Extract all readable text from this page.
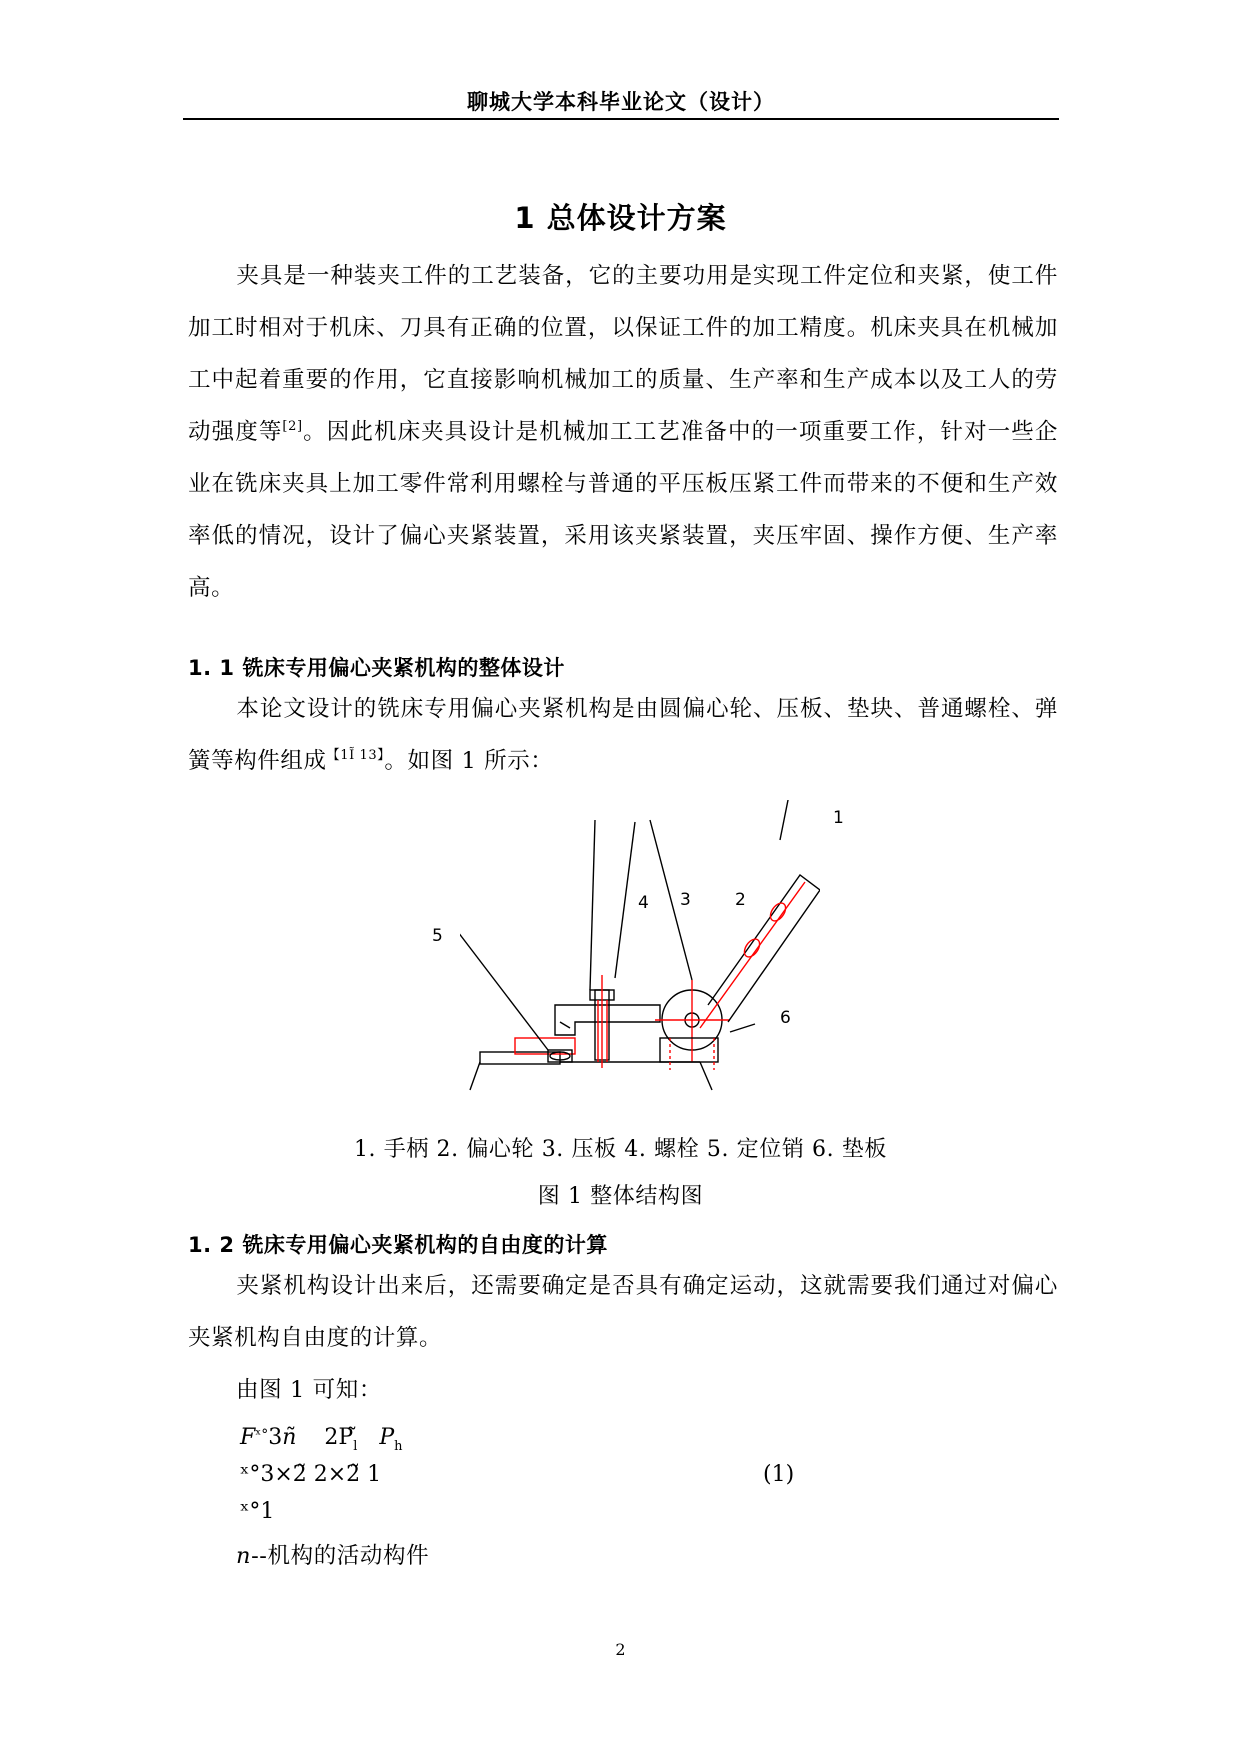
聊城大学本科毕业论文（设计）
1 总体设计方案

夹具是一种装夹工件的工艺装备，它的主要功用是实现工件定位和夹紧，使工件加工时相对于机床、刀具有正确的位置，以保证工件的加工精度。机床夹具在机械加工中起着重要的作用，它直接影响机械加工的质量、生产率和生产成本以及工人的劳动强度等[2]。因此机床夹具设计是机械加工工艺准备中的一项重要工作，针对一些企业在铣床夹具上加工零件常利用螺栓与普通的平压板压紧工件而带来的不便和生产效率低的情况，设计了偏心夹紧装置，采用该夹紧装置，夹压牢固、操作方便、生产率高。

1. 1 铣床专用偏心夹紧机构的整体设计

本论文设计的铣床专用偏心夹紧机构是由圆偏心轮、压板、垫块、普通螺栓、弹簧等构件组成$^{【1Ĩ 13】}$。如图 1 所示：

1
2
3
4
5
6
1. 手柄 2. 偏心轮 3. 压板 4. 螺栓 5. 定位销 6. 垫板
图 1 整体结构图
1. 2 铣床专用偏心夹紧机构的自由度的计算

夹紧机构设计出来后，还需要确定是否具有确定运动，这就需要我们通过对偏心夹紧机构自由度的计算。

由图 1 可知：
$F^{ˣ^\circ}3n$ $2P_l$ $P_h$
ˣ°3×2̃ 2×2̃ 1	(1)
ˣ°1
n--机构的活动构件
2
